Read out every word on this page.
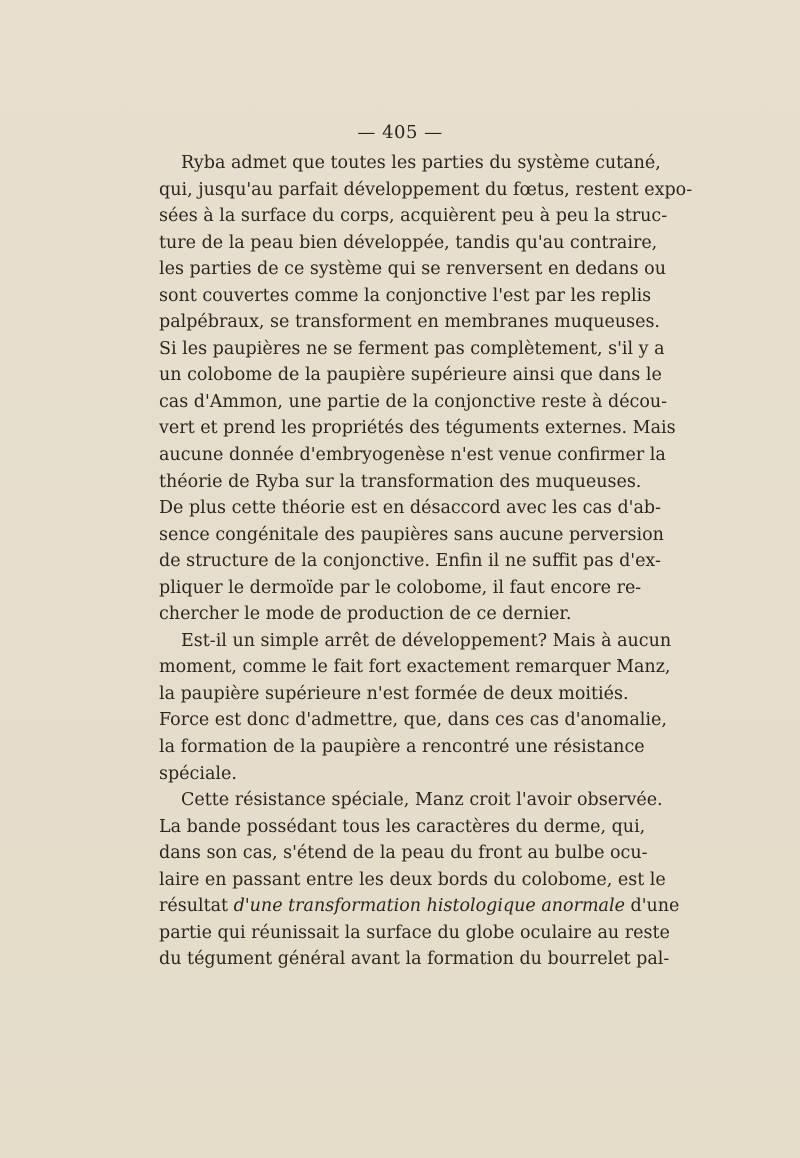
— 405 —
Ryba admet que toutes les parties du système cutané,
qui, jusqu'au parfait développement du fœtus, restent expo-
sées à la surface du corps, acquièrent peu à peu la struc-
ture de la peau bien développée, tandis qu'au contraire,
les parties de ce système qui se renversent en dedans ou
sont couvertes comme la conjonctive l'est par les replis
palpébraux, se transforment en membranes muqueuses.
Si les paupières ne se ferment pas complètement, s'il y a
un colobome de la paupière supérieure ainsi que dans le
cas d'Ammon, une partie de la conjonctive reste à décou-
vert et prend les propriétés des téguments externes. Mais
aucune donnée d'embryogenèse n'est venue confirmer la
théorie de Ryba sur la transformation des muqueuses.
De plus cette théorie est en désaccord avec les cas d'ab-
sence congénitale des paupières sans aucune perversion
de structure de la conjonctive. Enfin il ne suffit pas d'ex-
pliquer le dermoïde par le colobome, il faut encore re-
chercher le mode de production de ce dernier.
Est-il un simple arrêt de développement? Mais à aucun
moment, comme le fait fort exactement remarquer Manz,
la paupière supérieure n'est formée de deux moitiés.
Force est donc d'admettre, que, dans ces cas d'anomalie,
la formation de la paupière a rencontré une résistance
spéciale.
Cette résistance spéciale, Manz croit l'avoir observée.
La bande possédant tous les caractères du derme, qui,
dans son cas, s'étend de la peau du front au bulbe ocu-
laire en passant entre les deux bords du colobome, est le
résultat d'une transformation histologique anormale d'une
partie qui réunissait la surface du globe oculaire au reste
du tégument général avant la formation du bourrelet pal-
